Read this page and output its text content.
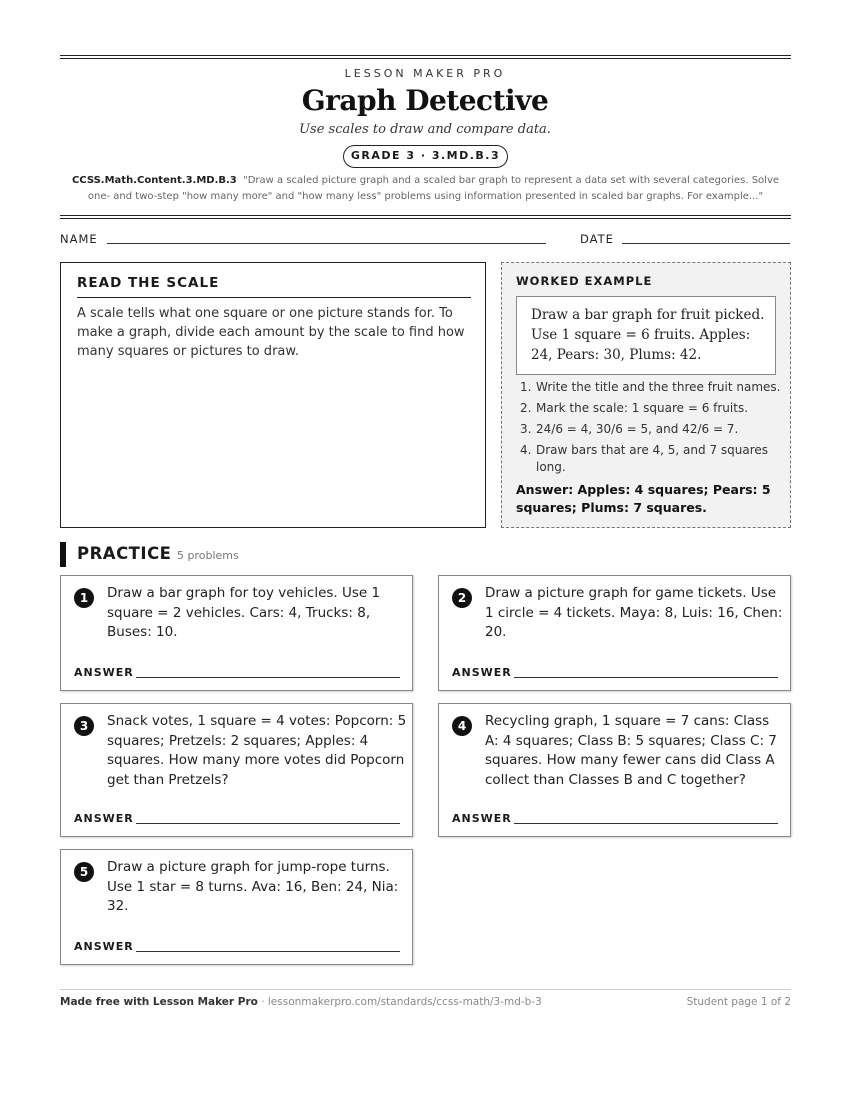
LESSON MAKER PRO
Graph Detective
Use scales to draw and compare data.
GRADE 3 · 3.MD.B.3
CCSS.Math.Content.3.MD.B.3 "Draw a scaled picture graph and a scaled bar graph to represent a data set with several categories. Solve one- and two-step "how many more" and "how many less" problems using information presented in scaled bar graphs. For example..."
NAME	DATE
READ THE SCALE

A scale tells what one square or one picture stands for. To make a graph, divide each amount by the scale to find how many squares or pictures to draw.

WORKED EXAMPLE
Draw a bar graph for fruit picked. Use 1 square = 6 fruits. Apples: 24, Pears: 30, Plums: 42.
1. Write the title and the three fruit names.
2. Mark the scale: 1 square = 6 fruits.
3. 24/6 = 4, 30/6 = 5, and 42/6 = 7.
4. Draw bars that are 4, 5, and 7 squares long.
Answer: Apples: 4 squares; Pears: 5 squares; Plums: 7 squares.
PRACTICE 5 problems
1	Draw a bar graph for toy vehicles. Use 1 square = 2 vehicles. Cars: 4, Trucks: 8, Buses: 10.
ANSWER
2	Draw a picture graph for game tickets. Use 1 circle = 4 tickets. Maya: 8, Luis: 16, Chen: 20.
ANSWER
3	Snack votes, 1 square = 4 votes: Popcorn: 5 squares; Pretzels: 2 squares; Apples: 4 squares. How many more votes did Popcorn get than Pretzels?
ANSWER
4	Recycling graph, 1 square = 7 cans: Class A: 4 squares; Class B: 5 squares; Class C: 7 squares. How many fewer cans did Class A collect than Classes B and C together?
ANSWER
5	Draw a picture graph for jump-rope turns. Use 1 star = 8 turns. Ava: 16, Ben: 24, Nia: 32.
ANSWER
Made free with Lesson Maker Pro · lessonmakerpro.com/standards/ccss-math/3-md-b-3	Student page 1 of 2
